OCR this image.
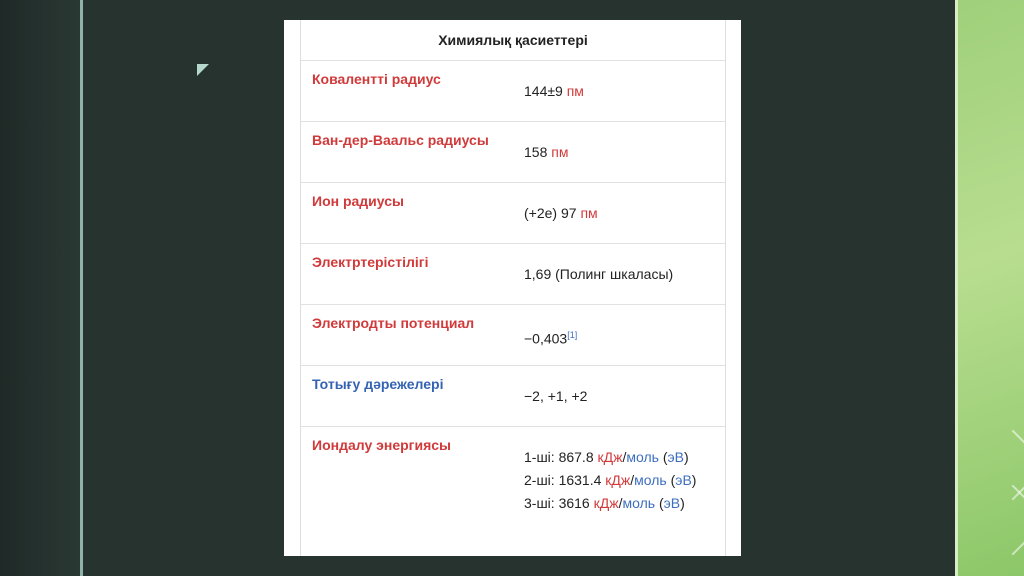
Химиялық қасиеттері
Ковалентті радиус
144±9 пм
Ван-дер-Ваальс радиусы
158 пм
Ион радиусы
(+2e) 97 пм
Электртерістілігі
1,69 (Полинг шкаласы)
Электродты потенциал
−0,403[1]
Тотығу дәрежелері
−2, +1, +2
Иондалу энергиясы
1-ші: 867.8 кДж/моль (эВ)
2-ші: 1631.4 кДж/моль (эВ)
3-ші: 3616 кДж/моль (эВ)
